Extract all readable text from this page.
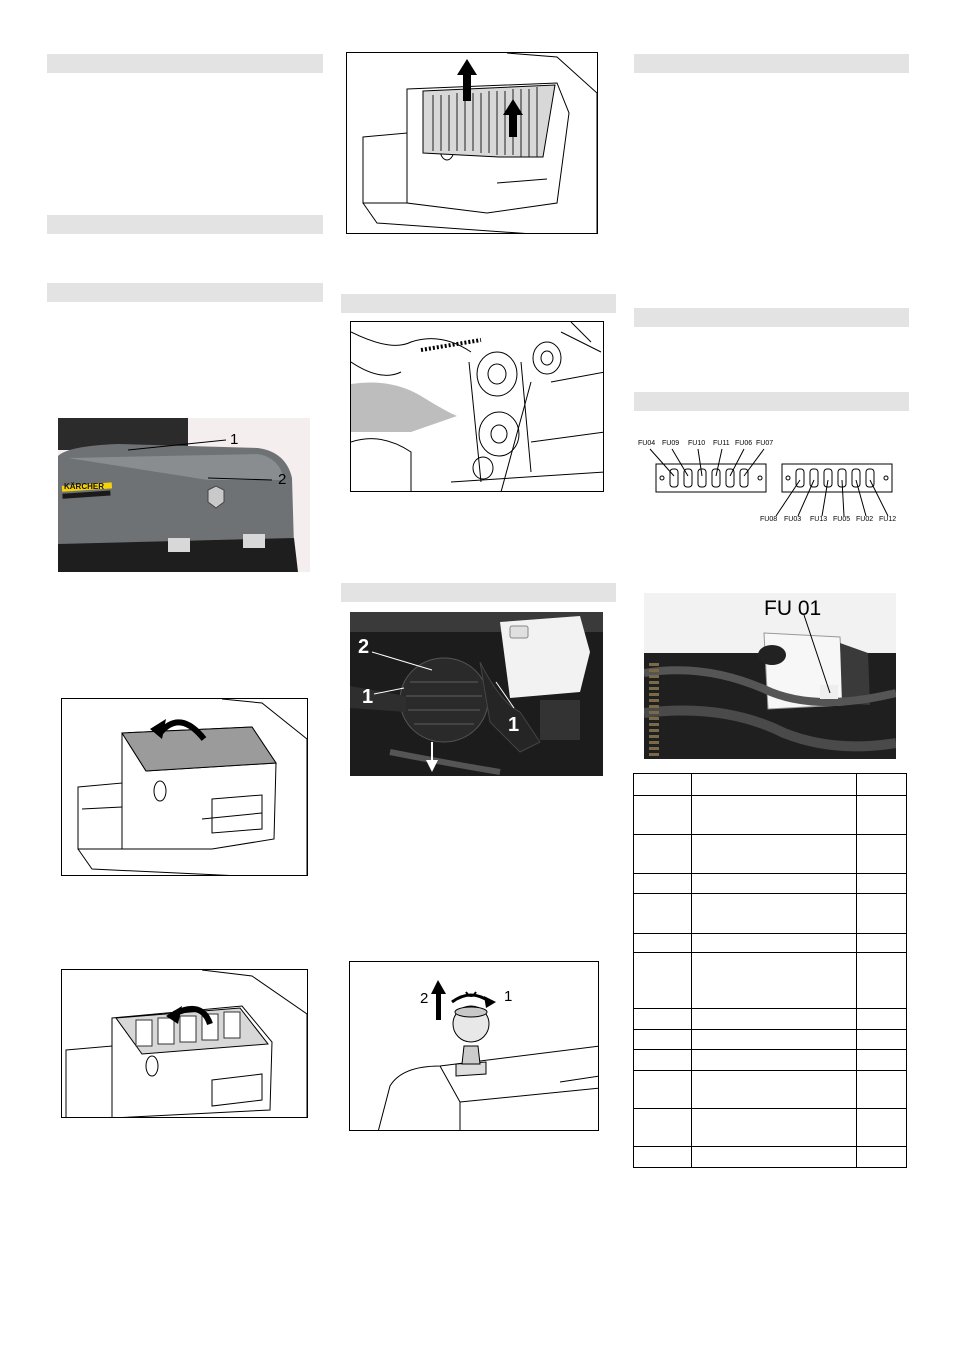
KÄRCHER
1
2
2
1
1
2	1
FU04 FU09 FU10 FU11 FU06 FU07
FU08 FU03 FU13 FU05 FU02 FU12
FU 01
